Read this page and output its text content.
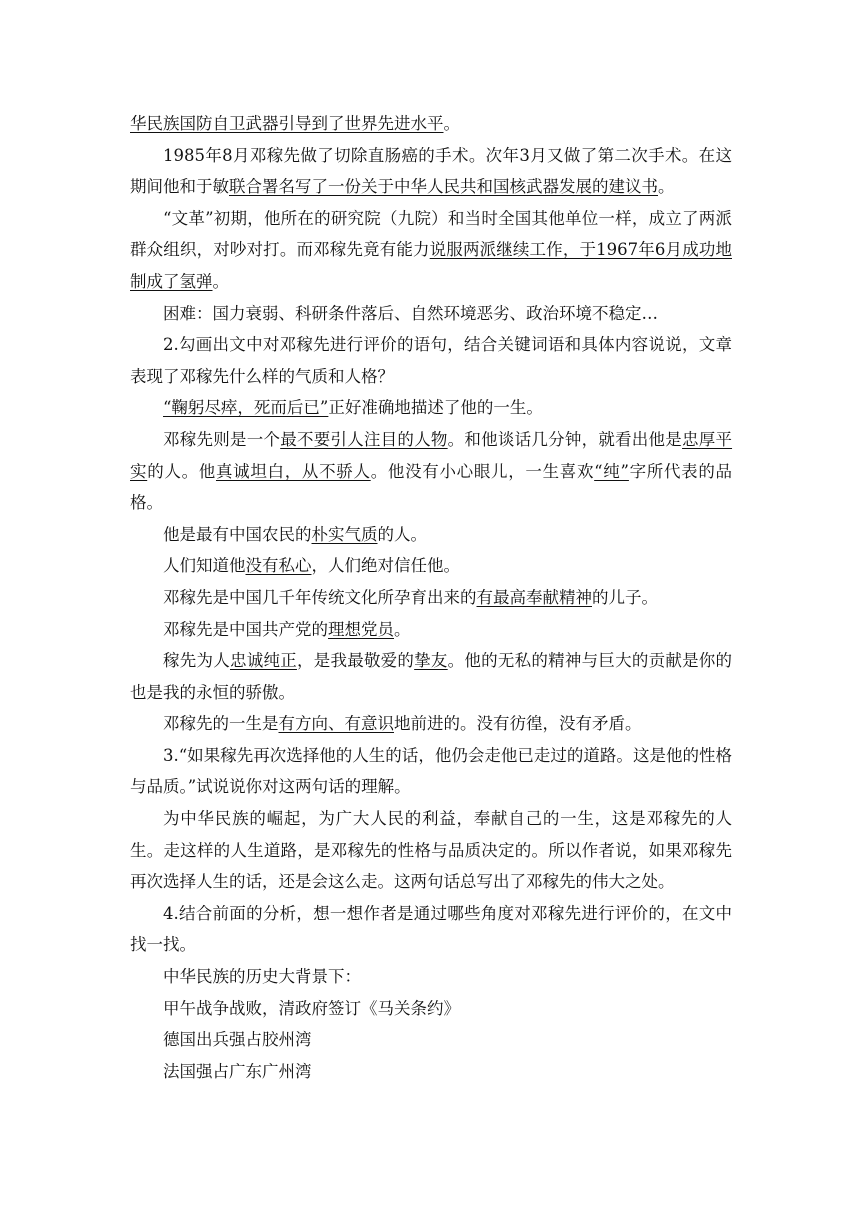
华民族国防自卫武器引导到了世界先进水平。

1985年8月邓稼先做了切除直肠癌的手术。次年3月又做了第二次手术。在这期间他和于敏联合署名写了一份关于中华人民共和国核武器发展的建议书。

“文革”初期，他所在的研究院（九院）和当时全国其他单位一样，成立了两派群众组织，对吵对打。而邓稼先竟有能力说服两派继续工作，于1967年6月成功地制成了氢弹。

困难：国力衰弱、科研条件落后、自然环境恶劣、政治环境不稳定…

2.勾画出文中对邓稼先进行评价的语句，结合关键词语和具体内容说说，文章表现了邓稼先什么样的气质和人格？

“鞠躬尽瘁，死而后已”正好准确地描述了他的一生。

邓稼先则是一个最不要引人注目的人物。和他谈话几分钟，就看出他是忠厚平实的人。他真诚坦白，从不骄人。他没有小心眼儿，一生喜欢“纯”字所代表的品格。

他是最有中国农民的朴实气质的人。

人们知道他没有私心，人们绝对信任他。

邓稼先是中国几千年传统文化所孕育出来的有最高奉献精神的儿子。

邓稼先是中国共产党的理想党员。

稼先为人忠诚纯正，是我最敬爱的挚友。他的无私的精神与巨大的贡献是你的也是我的永恒的骄傲。

邓稼先的一生是有方向、有意识地前进的。没有彷徨，没有矛盾。

3.“如果稼先再次选择他的人生的话，他仍会走他已走过的道路。这是他的性格与品质。”试说说你对这两句话的理解。

为中华民族的崛起，为广大人民的利益，奉献自己的一生，这是邓稼先的人生。走这样的人生道路，是邓稼先的性格与品质决定的。所以作者说，如果邓稼先再次选择人生的话，还是会这么走。这两句话总写出了邓稼先的伟大之处。

4.结合前面的分析，想一想作者是通过哪些角度对邓稼先进行评价的，在文中找一找。

中华民族的历史大背景下：

甲午战争战败，清政府签订《马关条约》

德国出兵强占胶州湾

法国强占广东广州湾
